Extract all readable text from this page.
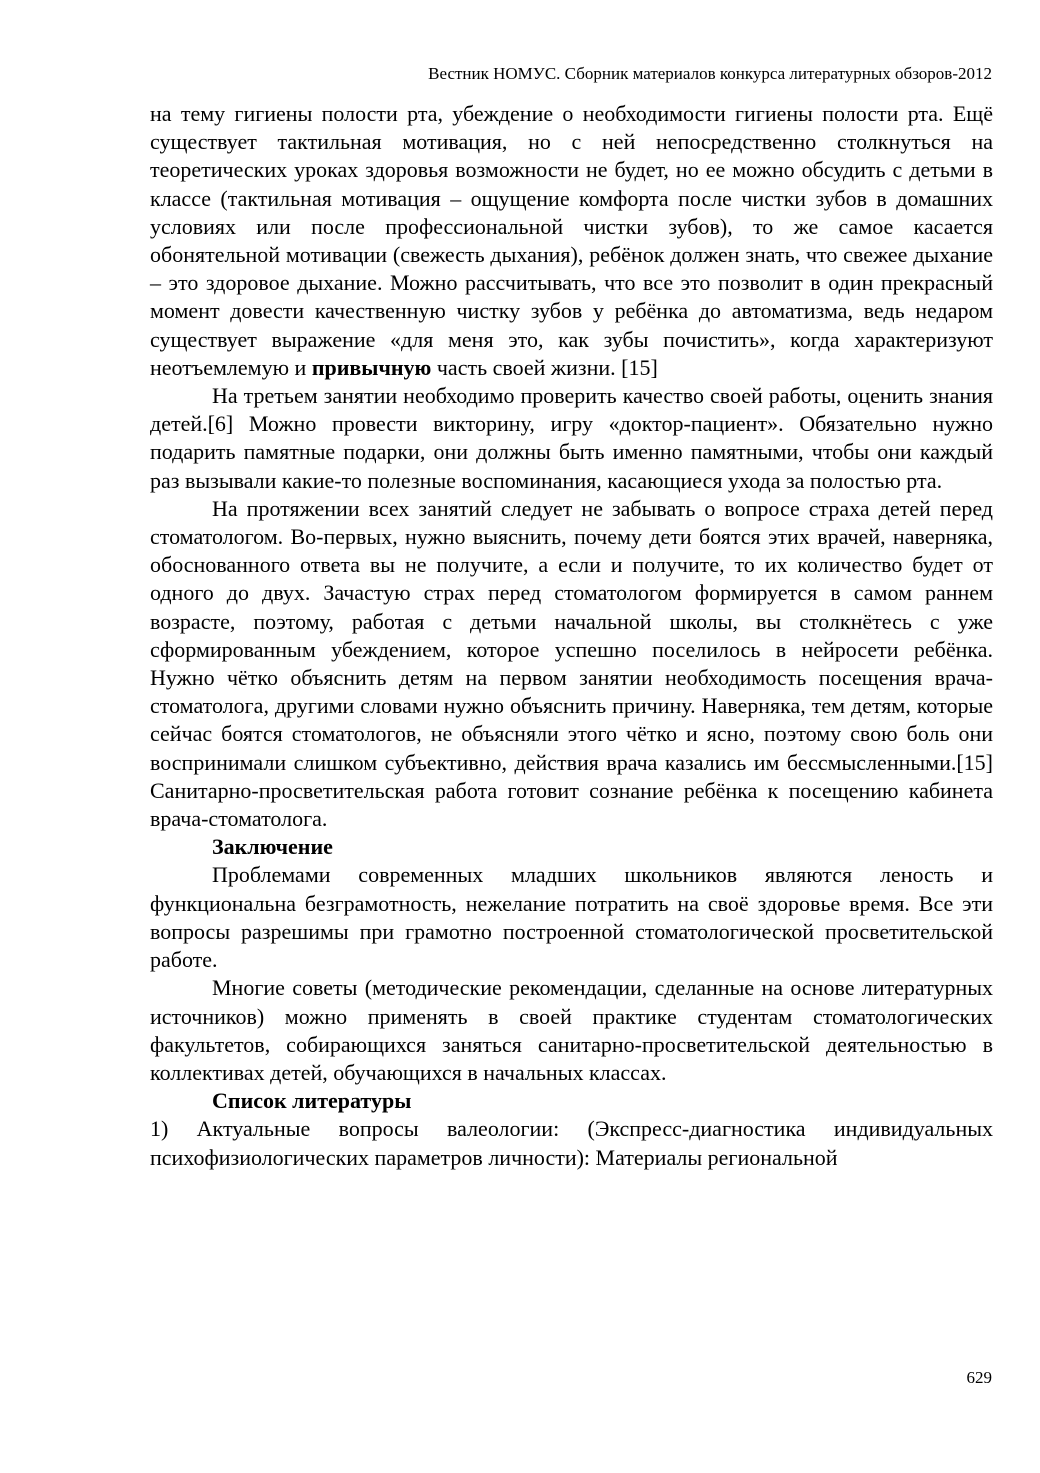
Вестник НОМУС. Сборник материалов конкурса литературных обзоров-2012

на тему гигиены полости рта, убеждение о необходимости гигиены полости рта. Ещё существует тактильная мотивация, но с ней непосредственно столкнуться на теоретических уроках здоровья возможности не будет, но ее можно обсудить с детьми в классе (тактильная мотивация – ощущение комфорта после чистки зубов в домашних условиях или после профессиональной чистки зубов), то же самое касается обонятельной мотивации (свежесть дыхания), ребёнок должен знать, что свежее дыхание – это здоровое дыхание. Можно рассчитывать, что все это позволит в один прекрасный момент довести качественную чистку зубов у ребёнка до автоматизма, ведь недаром существует выражение «для меня это, как зубы почистить», когда характеризуют неотъемлемую и привычную часть своей жизни. [15]

На третьем занятии необходимо проверить качество своей работы, оценить знания детей.[6] Можно провести викторину, игру «доктор-пациент». Обязательно нужно подарить памятные подарки, они должны быть именно памятными, чтобы они каждый раз вызывали какие-то полезные воспоминания, касающиеся ухода за полостью рта.

На протяжении всех занятий следует не забывать о вопросе страха детей перед стоматологом. Во-первых, нужно выяснить, почему дети боятся этих врачей, наверняка, обоснованного ответа вы не получите, а если и получите, то их количество будет от одного до двух. Зачастую страх перед стоматологом формируется в самом раннем возрасте, поэтому, работая с детьми начальной школы, вы столкнётесь с уже сформированным убеждением, которое успешно поселилось в нейросети ребёнка. Нужно чётко объяснить детям на первом занятии необходимость посещения врача-стоматолога, другими словами нужно объяснить причину. Наверняка, тем детям, которые сейчас боятся стоматологов, не объясняли этого чётко и ясно, поэтому свою боль они воспринимали слишком субъективно, действия врача казались им бессмысленными.[15] Санитарно-просветительская работа готовит сознание ребёнка к посещению кабинета врача-стоматолога.

Заключение

Проблемами современных младших школьников являются леность и функциональна безграмотность, нежелание потратить на своё здоровье время. Все эти вопросы разрешимы при грамотно построенной стоматологической просветительской работе.

Многие советы (методические рекомендации, сделанные на основе литературных источников) можно применять в своей практике студентам стоматологических факультетов, собирающихся заняться санитарно-просветительской деятельностью в коллективах детей, обучающихся в начальных классах.

Список литературы

1) Актуальные вопросы валеологии: (Экспресс-диагностика индивидуальных психофизиологических параметров личности): Материалы региональной

629
